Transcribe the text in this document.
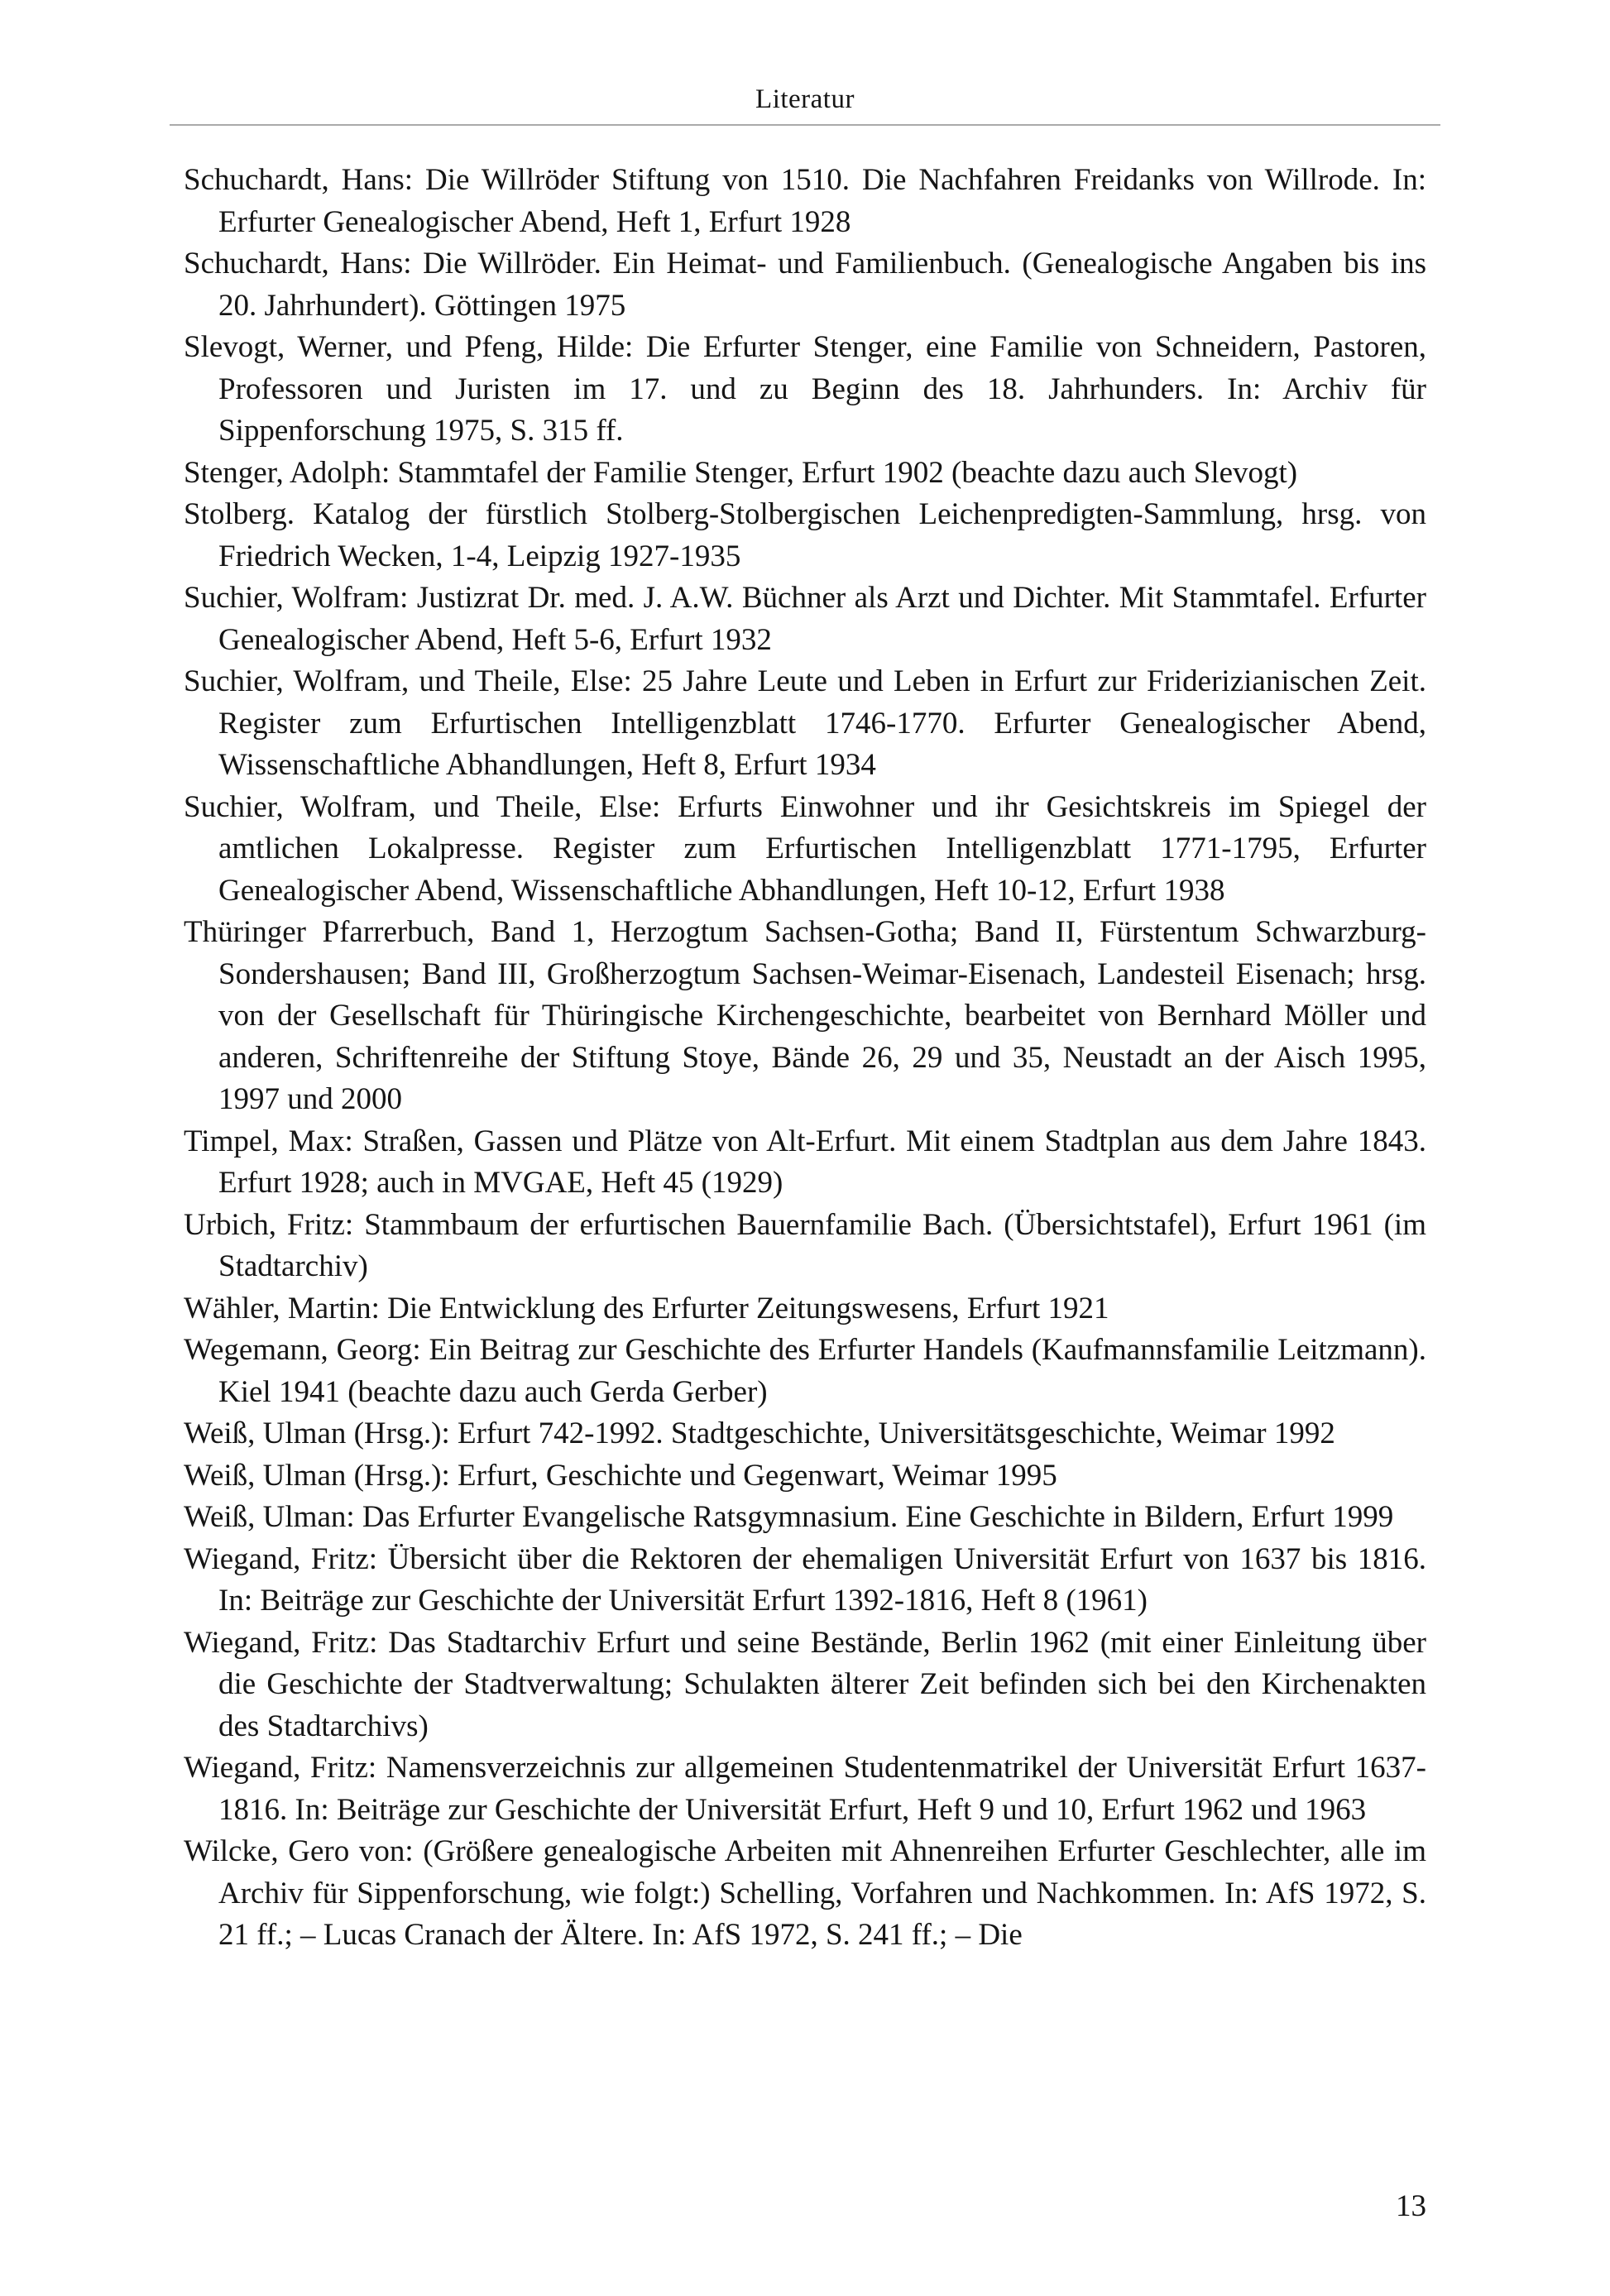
Literatur

Schuchardt, Hans: Die Willröder Stiftung von 1510. Die Nachfahren Freidanks von Willrode. In: Erfurter Genealogischer Abend, Heft 1, Erfurt 1928

Schuchardt, Hans: Die Willröder. Ein Heimat- und Familienbuch. (Genealogische Angaben bis ins 20. Jahrhundert). Göttingen 1975

Slevogt, Werner, und Pfeng, Hilde: Die Erfurter Stenger, eine Familie von Schneidern, Pastoren, Professoren und Juristen im 17. und zu Beginn des 18. Jahrhunders. In: Archiv für Sippenforschung 1975, S. 315 ff.

Stenger, Adolph: Stammtafel der Familie Stenger, Erfurt 1902 (beachte dazu auch Slevogt)

Stolberg. Katalog der fürstlich Stolberg-Stolbergischen Leichenpredigten-Sammlung, hrsg. von Friedrich Wecken, 1-4, Leipzig 1927-1935

Suchier, Wolfram: Justizrat Dr. med. J. A.W. Büchner als Arzt und Dichter. Mit Stammtafel. Erfurter Genealogischer Abend, Heft 5-6, Erfurt 1932

Suchier, Wolfram, und Theile, Else: 25 Jahre Leute und Leben in Erfurt zur Friderizianischen Zeit. Register zum Erfurtischen Intelligenzblatt 1746-1770. Erfurter Genealogischer Abend, Wissenschaftliche Abhandlungen, Heft 8, Erfurt 1934

Suchier, Wolfram, und Theile, Else: Erfurts Einwohner und ihr Gesichtskreis im Spiegel der amtlichen Lokalpresse. Register zum Erfurtischen Intelligenzblatt 1771-1795, Erfurter Genealogischer Abend, Wissenschaftliche Abhandlungen, Heft 10-12, Erfurt 1938

Thüringer Pfarrerbuch, Band 1, Herzogtum Sachsen-Gotha; Band II, Fürstentum Schwarzburg-Sondershausen; Band III, Großherzogtum Sachsen-Weimar-Eisenach, Landesteil Eisenach; hrsg. von der Gesellschaft für Thüringische Kirchengeschichte, bearbeitet von Bernhard Möller und anderen, Schriftenreihe der Stiftung Stoye, Bände 26, 29 und 35, Neustadt an der Aisch 1995, 1997 und 2000

Timpel, Max: Straßen, Gassen und Plätze von Alt-Erfurt. Mit einem Stadtplan aus dem Jahre 1843. Erfurt 1928; auch in MVGAE, Heft 45 (1929)

Urbich, Fritz: Stammbaum der erfurtischen Bauernfamilie Bach. (Übersichtstafel), Erfurt 1961 (im Stadtarchiv)

Wähler, Martin: Die Entwicklung des Erfurter Zeitungswesens, Erfurt 1921

Wegemann, Georg: Ein Beitrag zur Geschichte des Erfurter Handels (Kaufmannsfamilie Leitzmann). Kiel 1941 (beachte dazu auch Gerda Gerber)

Weiß, Ulman (Hrsg.): Erfurt 742-1992. Stadtgeschichte, Universitätsgeschichte, Weimar 1992

Weiß, Ulman (Hrsg.): Erfurt, Geschichte und Gegenwart, Weimar 1995

Weiß, Ulman: Das Erfurter Evangelische Ratsgymnasium. Eine Geschichte in Bildern, Erfurt 1999

Wiegand, Fritz: Übersicht über die Rektoren der ehemaligen Universität Erfurt von 1637 bis 1816. In: Beiträge zur Geschichte der Universität Erfurt 1392-1816, Heft 8 (1961)

Wiegand, Fritz: Das Stadtarchiv Erfurt und seine Bestände, Berlin 1962 (mit einer Einleitung über die Geschichte der Stadtverwaltung; Schulakten älterer Zeit befinden sich bei den Kirchenakten des Stadtarchivs)

Wiegand, Fritz: Namensverzeichnis zur allgemeinen Studentenmatrikel der Universität Erfurt 1637-1816. In: Beiträge zur Geschichte der Universität Erfurt, Heft 9 und 10, Erfurt 1962 und 1963

Wilcke, Gero von: (Größere genealogische Arbeiten mit Ahnenreihen Erfurter Geschlechter, alle im Archiv für Sippenforschung, wie folgt:) Schelling, Vorfahren und Nachkommen. In: AfS 1972, S. 21 ff.; – Lucas Cranach der Ältere. In: AfS 1972, S. 241 ff.; – Die

13
